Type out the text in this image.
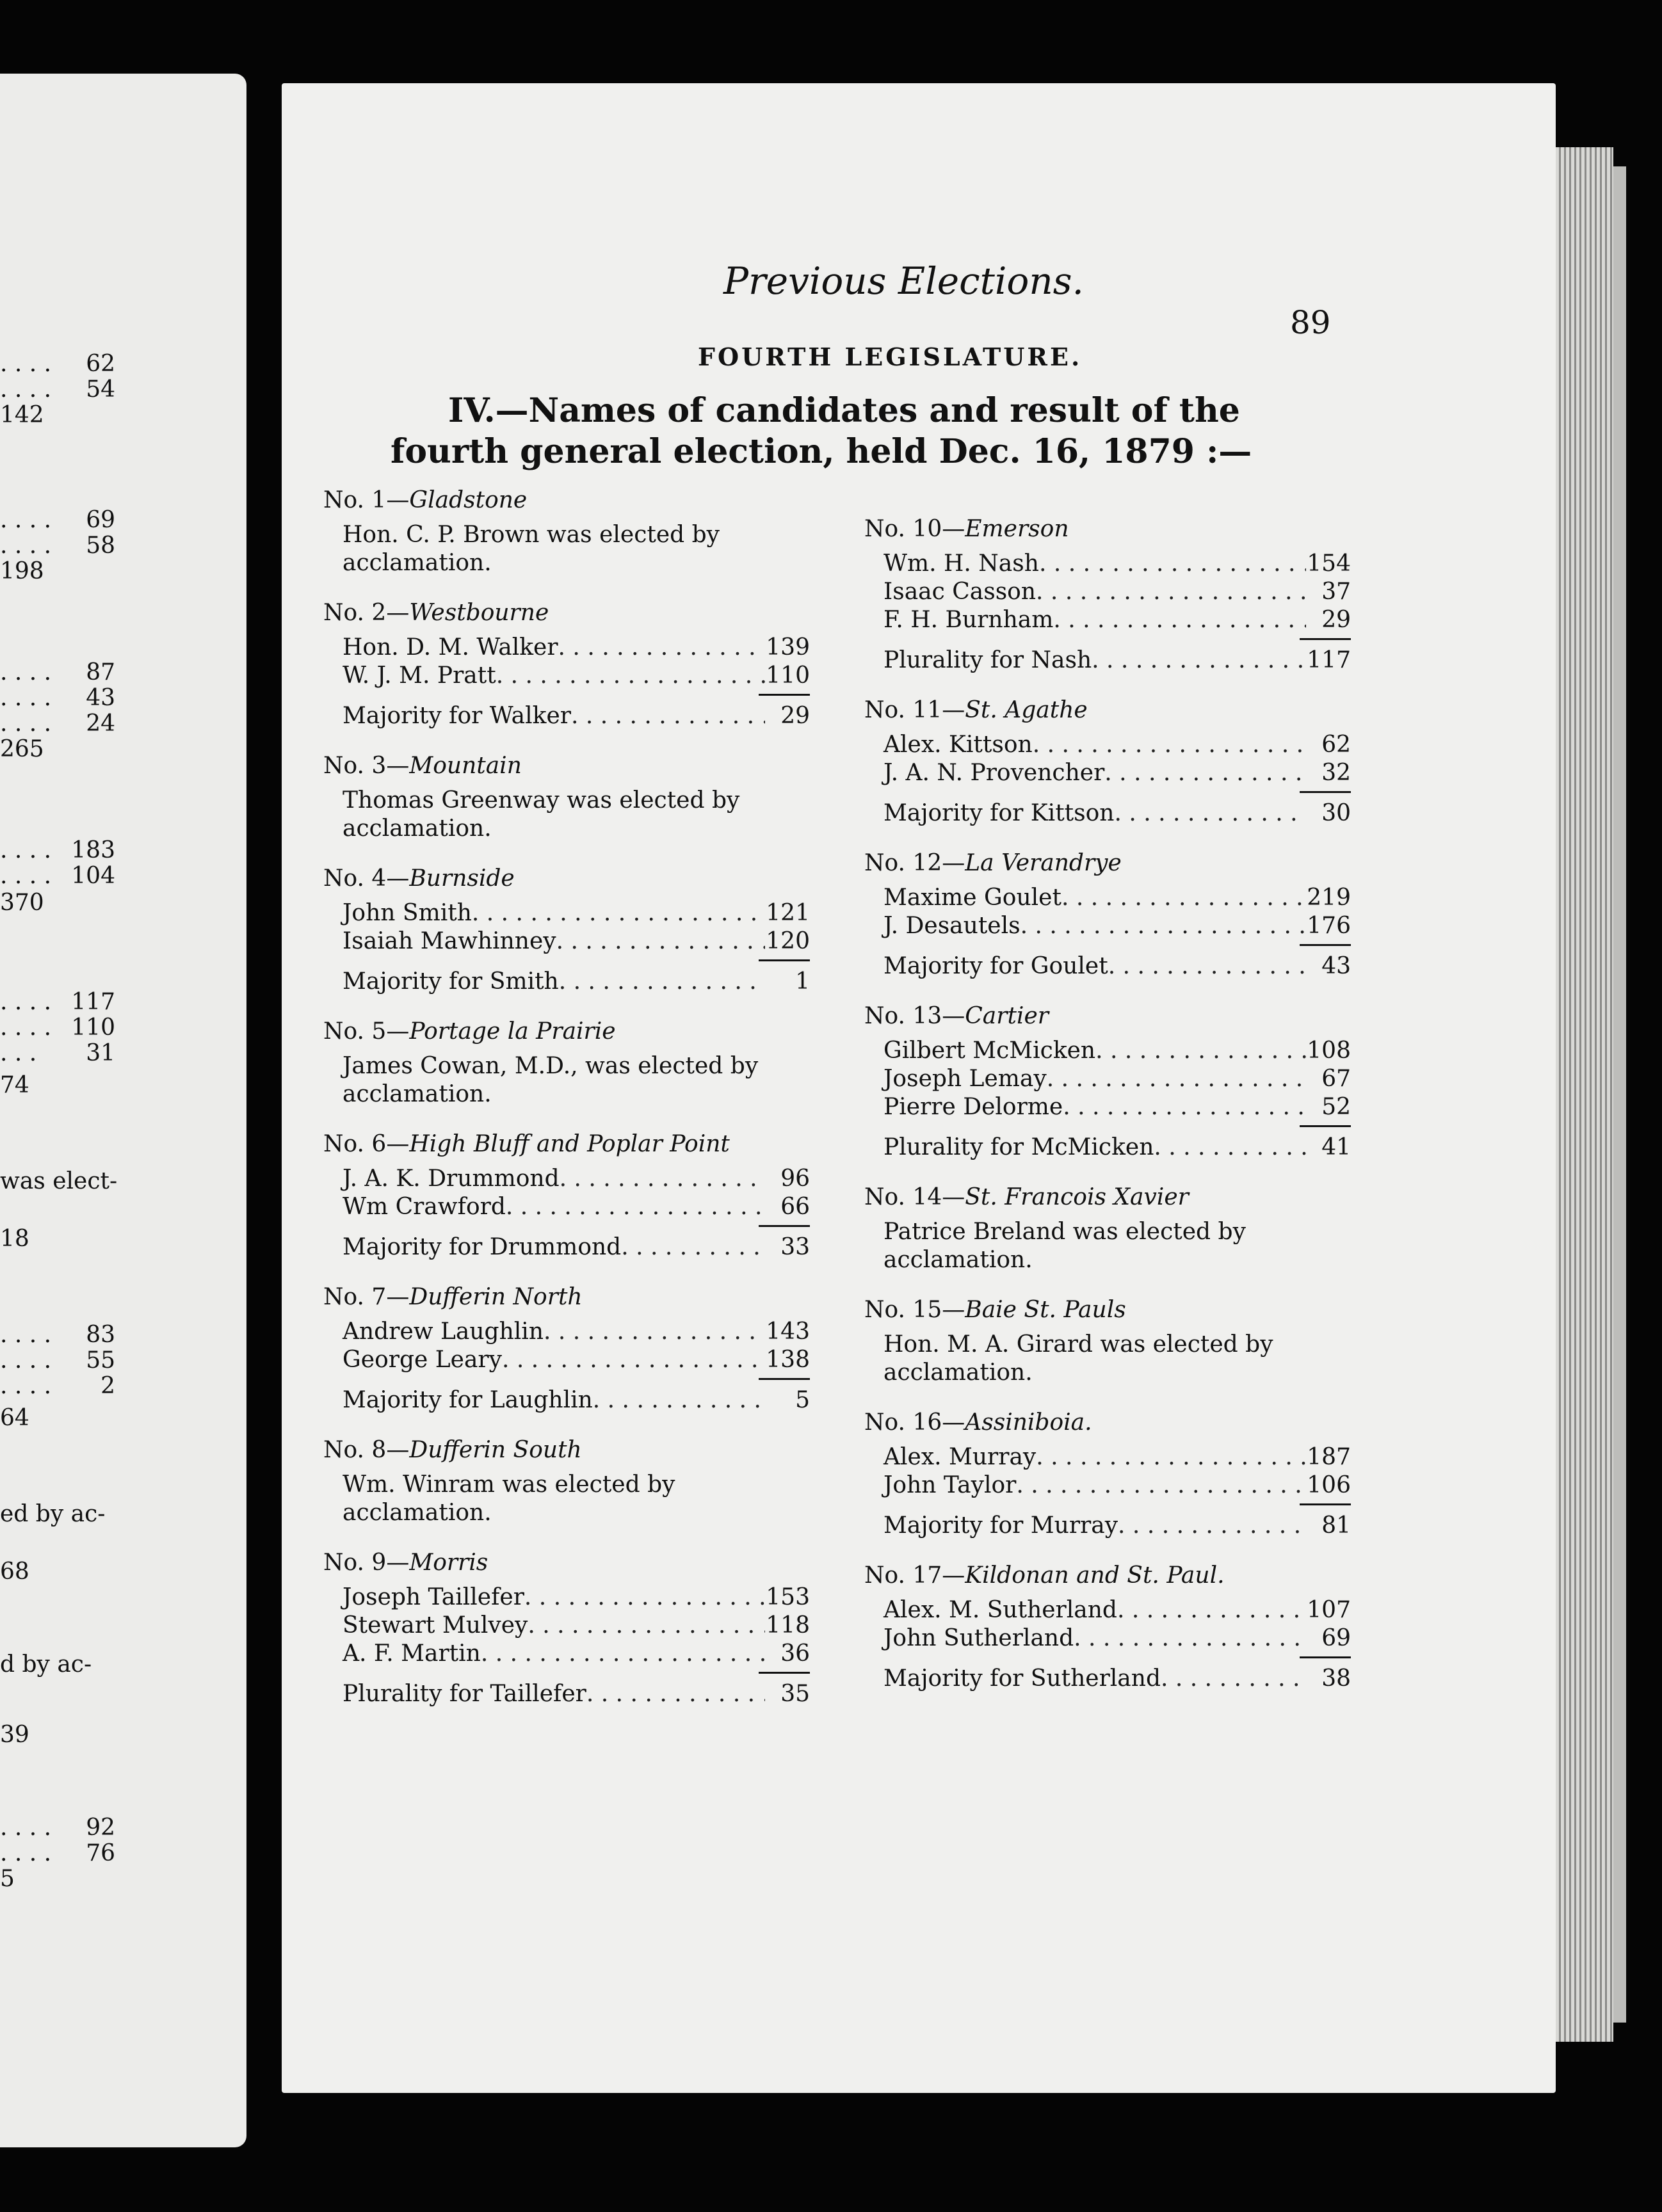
. . . . 62
. . . . 54
142
. . . . 69
. . . . 58
198
. . . . 87
. . . . 43
. . . . 24
265
. . . . 183
. . . . 104
370
. . . . 117
. . . . 110
. . . 31
74
was elect-
18
. . . . 83
. . . . 55
. . . . 2
64
ed by ac-
68
d by ac-
39
. . . . 92
. . . . 76
5
Previous Elections.
89
FOURTH LEGISLATURE.
IV.—Names of candidates and result of the fourth general election, held Dec. 16, 1879 :—
No. 1—Gladstone
Hon. C. P. Brown was elected by acclamation.
No. 2—Westbourne
Hon. D. M. Walker . . .	139
W. J. M. Pratt . . .	110
Majority for Walker . . .	29
No. 3—Mountain
Thomas Greenway was elected by acclamation.
No. 4—Burnside
John Smith . . .	121
Isaiah Mawhinney . . .	120
Majority for Smith . . .	1
No. 5—Portage la Prairie
James Cowan, M.D., was elected by acclamation.
No. 6—High Bluff and Poplar Point
J. A. K. Drummond . . .	96
Wm Crawford . . .	66
Majority for Drummond . . .	33
No. 7—Dufferin North
Andrew Laughlin . . .	143
George Leary . . .	138
Majority for Laughlin . . .	5
No. 8—Dufferin South
Wm. Winram was elected by acclamation.
No. 9—Morris
Joseph Taillefer . . .	153
Stewart Mulvey . . .	118
A. F. Martin . . .	36
Plurality for Taillefer . . .	35
No. 10—Emerson
Wm. H. Nash . . .	154
Isaac Casson . . .	37
F. H. Burnham . . .	29
Plurality for Nash . . .	117
No. 11—St. Agathe
Alex. Kittson . . .	62
J. A. N. Provencher . . .	32
Majority for Kittson . . .	30
No. 12—La Verandrye
Maxime Goulet . . .	219
J. Desautels . . .	176
Majority for Goulet . . .	43
No. 13—Cartier
Gilbert McMicken . . .	108
Joseph Lemay . . .	67
Pierre Delorme . . .	52
Plurality for McMicken . . .	41
No. 14—St. Francois Xavier
Patrice Breland was elected by acclamation.
No. 15—Baie St. Pauls
Hon. M. A. Girard was elected by acclamation.
No. 16—Assiniboia.
Alex. Murray . . .	187
John Taylor . . .	106
Majority for Murray . . .	81
No. 17—Kildonan and St. Paul.
Alex. M. Sutherland . . .	107
John Sutherland . . .	69
Majority for Sutherland . . .	38
